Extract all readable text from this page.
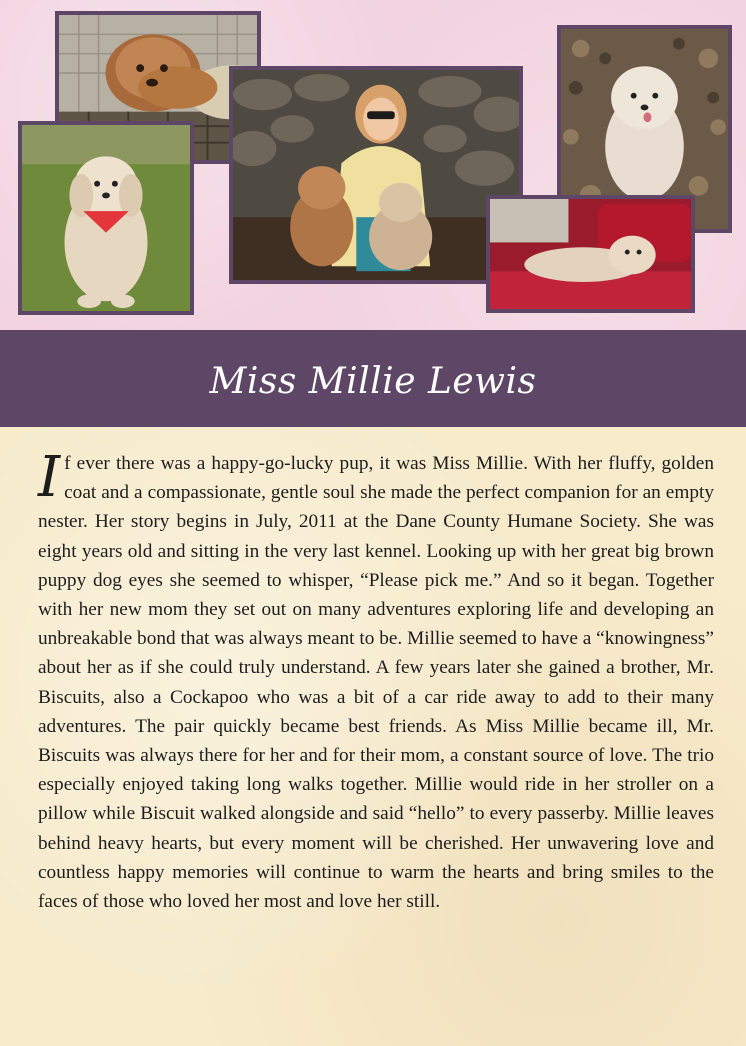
Miss Millie Lewis

If ever there was a happy-go-lucky pup, it was Miss Millie. With her fluffy, golden coat and a compassionate, gentle soul she made the perfect companion for an empty nester. Her story begins in July, 2011 at the Dane County Humane Society. She was eight years old and sitting in the very last kennel. Looking up with her great big brown puppy dog eyes she seemed to whisper, “Please pick me.” And so it began. Together with her new mom they set out on many adventures exploring life and developing an unbreakable bond that was always meant to be. Millie seemed to have a “knowingness” about her as if she could truly understand. A few years later she gained a brother, Mr. Biscuits, also a Cockapoo who was a bit of a car ride away to add to their many adventures. The pair quickly became best friends. As Miss Millie became ill, Mr. Biscuits was always there for her and for their mom, a constant source of love. The trio especially enjoyed taking long walks together. Millie would ride in her stroller on a pillow while Biscuit walked alongside and said “hello” to every passerby. Millie leaves behind heavy hearts, but every moment will be cherished. Her unwavering love and countless happy memories will continue to warm the hearts and bring smiles to the faces of those who loved her most and love her still.
